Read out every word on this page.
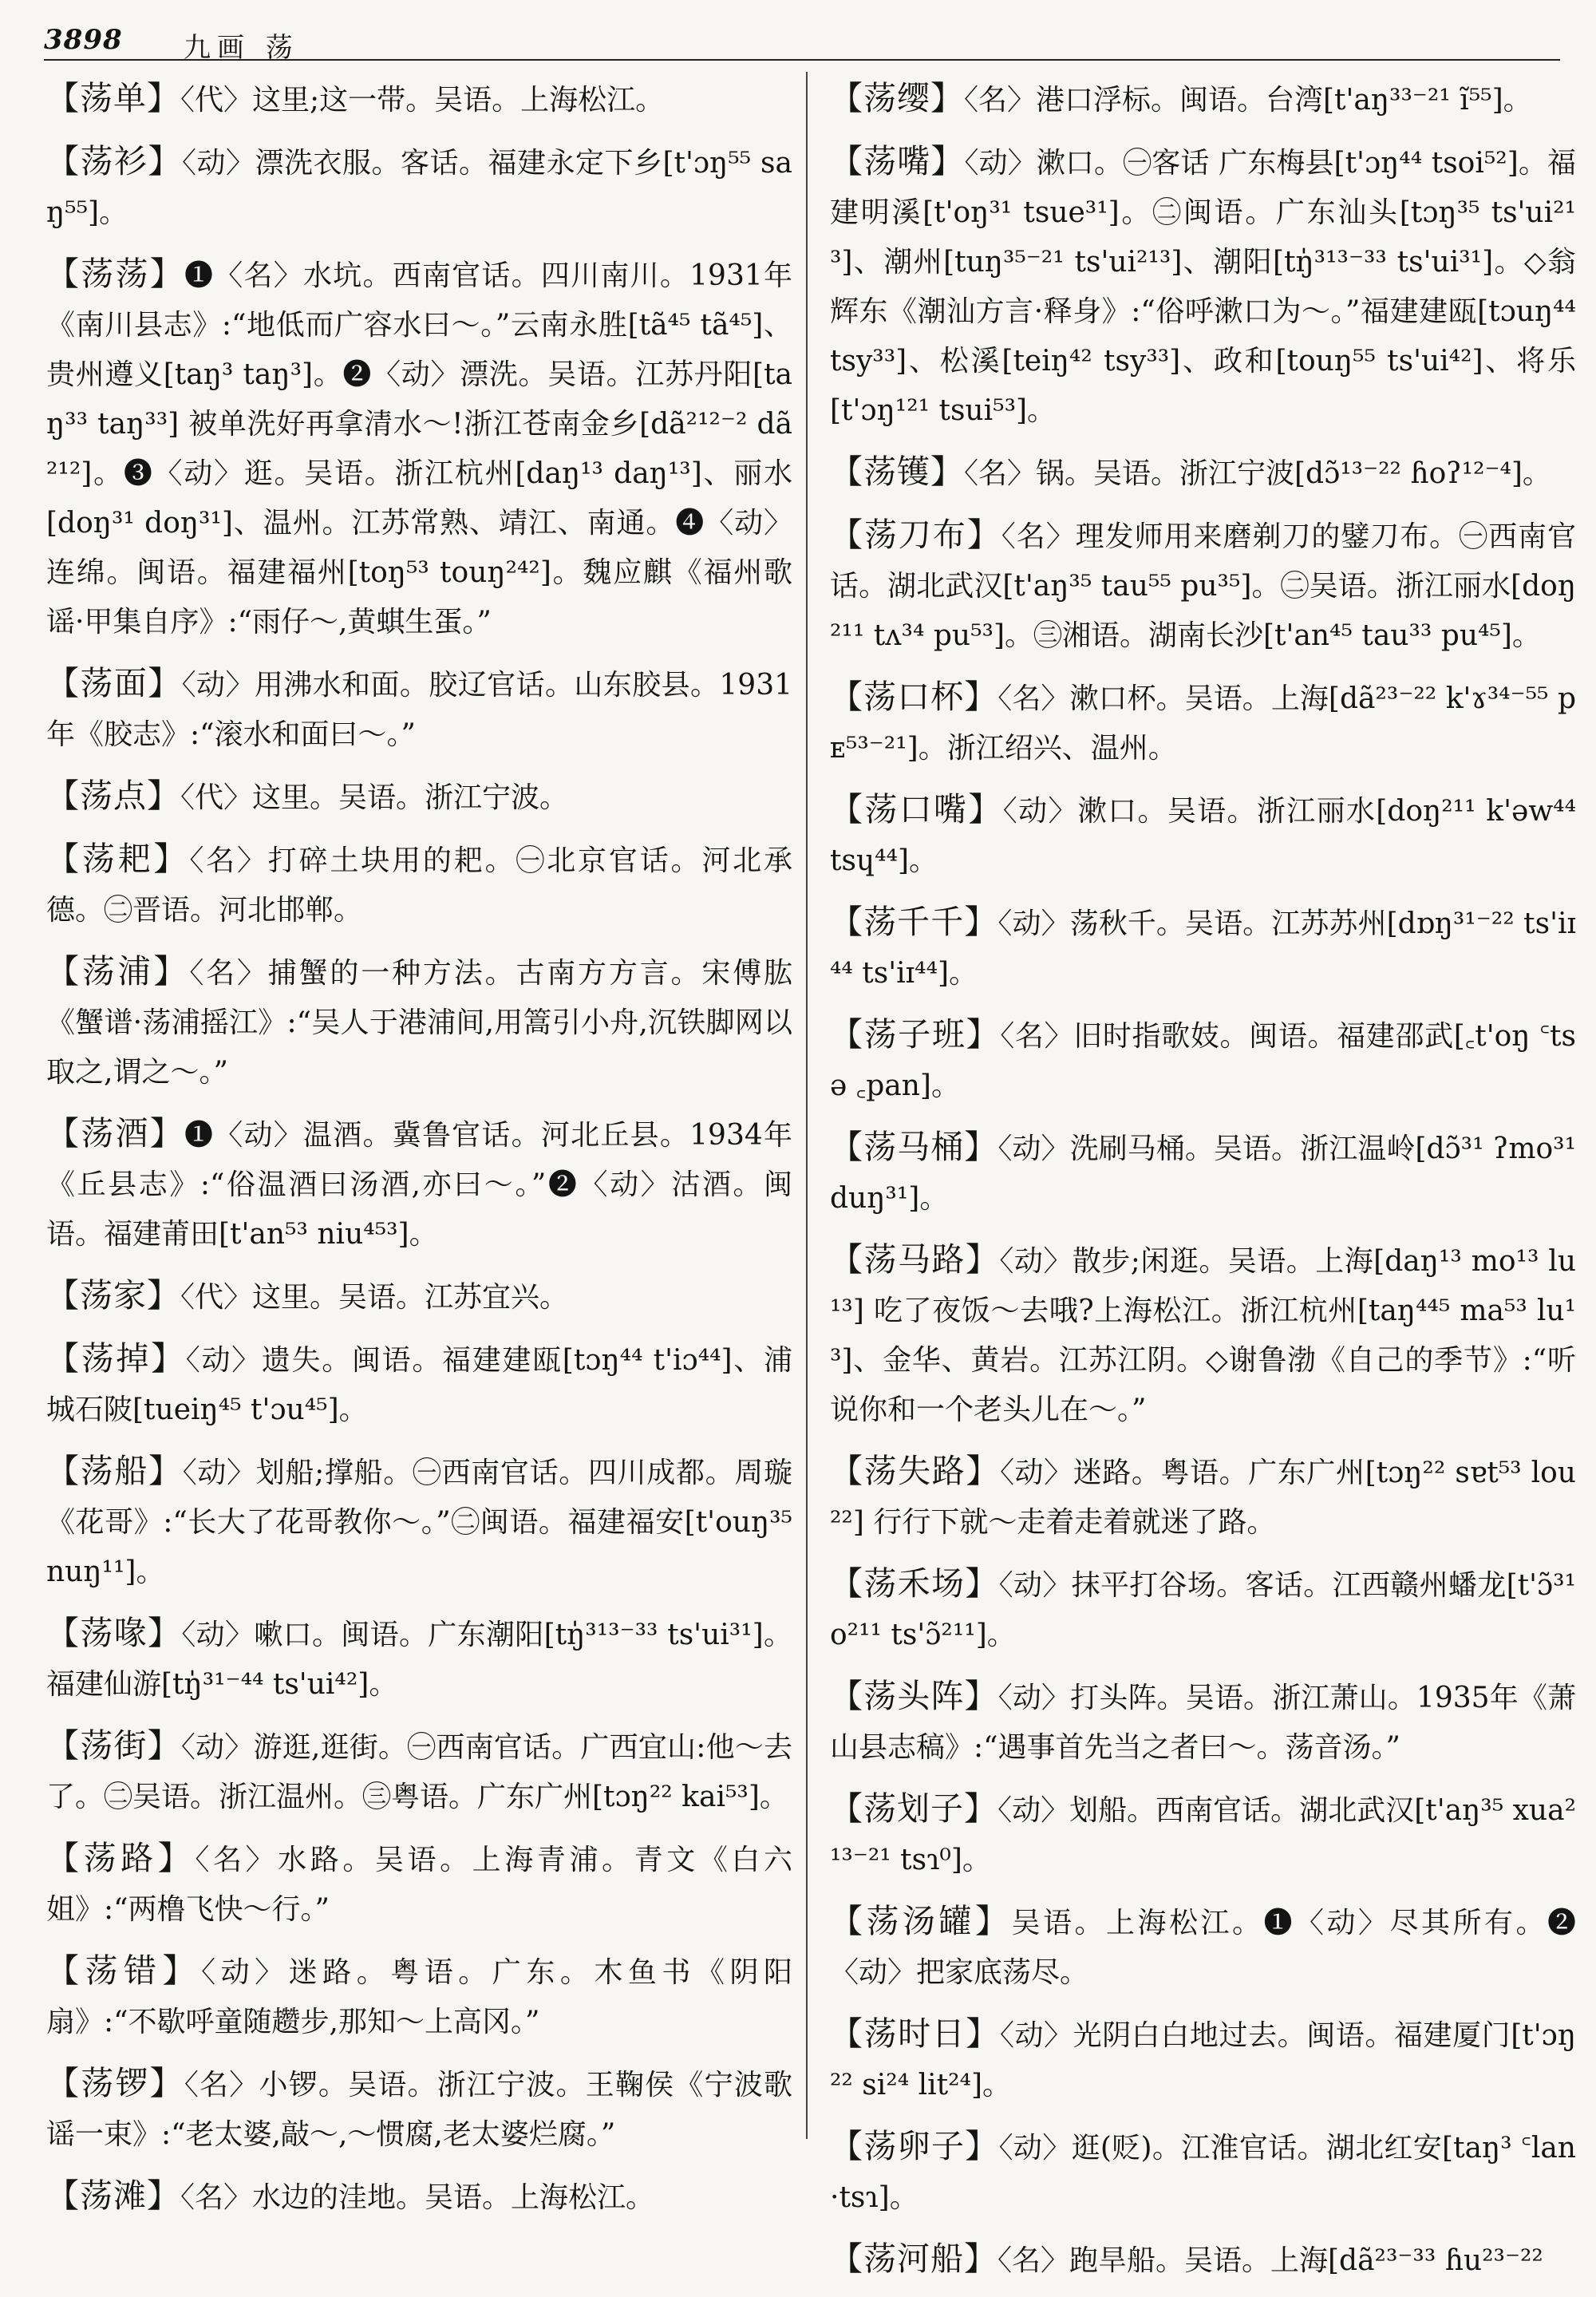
3898 九画 荡
【荡单】〈代〉这里;这一带。吴语。上海松江。
【荡衫】〈动〉漂洗衣服。客话。福建永定下乡[t'ɔŋ⁵⁵ saŋ⁵⁵]。
【荡荡】❶〈名〉水坑。西南官话。四川南川。1931年《南川县志》:“地低而广容水曰～。”云南永胜[tã⁴⁵ tã⁴⁵]、贵州遵义[taŋ³ taŋ³]。❷〈动〉漂洗。吴语。江苏丹阳[taŋ³³ taŋ³³] 被单洗好再拿清水～!浙江苍南金乡[dã²¹²⁻² dã²¹²]。❸〈动〉逛。吴语。浙江杭州[daŋ¹³ daŋ¹³]、丽水[doŋ³¹ doŋ³¹]、温州。江苏常熟、靖江、南通。❹〈动〉连绵。闽语。福建福州[toŋ⁵³ touŋ²⁴²]。魏应麒《福州歌谣·甲集自序》:“雨仔～,黄蜞生蛋。”
【荡面】〈动〉用沸水和面。胶辽官话。山东胶县。1931年《胶志》:“滚水和面曰～。”
【荡点】〈代〉这里。吴语。浙江宁波。
【荡耙】〈名〉打碎土块用的耙。㊀北京官话。河北承德。㊁晋语。河北邯郸。
【荡浦】〈名〉捕蟹的一种方法。古南方方言。宋傅肱《蟹谱·荡浦摇江》:“吴人于港浦间,用篙引小舟,沉铁脚网以取之,谓之～。”
【荡酒】❶〈动〉温酒。冀鲁官话。河北丘县。1934年《丘县志》:“俗温酒曰汤酒,亦曰～。”❷〈动〉沽酒。闽语。福建莆田[t'an⁵³ niu⁴⁵³]。
【荡家】〈代〉这里。吴语。江苏宜兴。
【荡掉】〈动〉遗失。闽语。福建建瓯[tɔŋ⁴⁴ t'iɔ⁴⁴]、浦城石陂[tueiŋ⁴⁵ t'ɔu⁴⁵]。
【荡船】〈动〉划船;撑船。㊀西南官话。四川成都。周璇《花哥》:“长大了花哥教你～。”㊁闽语。福建福安[t'ouŋ³⁵ nuŋ¹¹]。
【荡喙】〈动〉嗽口。闽语。广东潮阳[tŋ̍³¹³⁻³³ ts'ui³¹]。福建仙游[tŋ̍³¹⁻⁴⁴ ts'ui⁴²]。
【荡街】〈动〉游逛,逛街。㊀西南官话。广西宜山:他～去了。㊁吴语。浙江温州。㊂粤语。广东广州[tɔŋ²² kai⁵³]。
【荡路】〈名〉水路。吴语。上海青浦。青文《白六姐》:“两橹飞快～行。”
【荡错】〈动〉迷路。粤语。广东。木鱼书《阴阳扇》:“不歇呼童随趱步,那知～上高冈。”
【荡锣】〈名〉小锣。吴语。浙江宁波。王鞠侯《宁波歌谣一束》:“老太婆,敲～,～惯腐,老太婆烂腐。”
【荡滩】〈名〉水边的洼地。吴语。上海松江。
【荡缨】〈名〉港口浮标。闽语。台湾[t'aŋ³³⁻²¹ ĩ⁵⁵]。
【荡嘴】〈动〉漱口。㊀客话 广东梅县[t'ɔŋ⁴⁴ tsoi⁵²]。福建明溪[t'oŋ³¹ tsue³¹]。㊁闽语。广东汕头[tɔŋ³⁵ ts'ui²¹³]、潮州[tuŋ³⁵⁻²¹ ts'ui²¹³]、潮阳[tŋ̍³¹³⁻³³ ts'ui³¹]。◇翁辉东《潮汕方言·释身》:“俗呼漱口为～。”福建建瓯[tɔuŋ⁴⁴ tsy³³]、松溪[teiŋ⁴² tsy³³]、政和[touŋ⁵⁵ ts'ui⁴²]、将乐[t'ɔŋ¹²¹ tsui⁵³]。
【荡镬】〈名〉锅。吴语。浙江宁波[dɔ̃¹³⁻²² ɦoʔ¹²⁻⁴]。
【荡刀布】〈名〉理发师用来磨剃刀的鐾刀布。㊀西南官话。湖北武汉[t'aŋ³⁵ tau⁵⁵ pu³⁵]。㊁吴语。浙江丽水[doŋ²¹¹ tʌ³⁴ pu⁵³]。㊂湘语。湖南长沙[t'an⁴⁵ tau³³ pu⁴⁵]。
【荡口杯】〈名〉漱口杯。吴语。上海[dã²³⁻²² k'ɤ³⁴⁻⁵⁵ pᴇ⁵³⁻²¹]。浙江绍兴、温州。
【荡口嘴】〈动〉漱口。吴语。浙江丽水[doŋ²¹¹ k'əw⁴⁴ tsɥ⁴⁴]。
【荡千千】〈动〉荡秋千。吴语。江苏苏州[dɒŋ³¹⁻²² ts'iɪ⁴⁴ ts'iɪ⁴⁴]。
【荡子班】〈名〉旧时指歌妓。闽语。福建邵武[꜀t'oŋ ꜂tsə ꜀pan]。
【荡马桶】〈动〉洗刷马桶。吴语。浙江温岭[dɔ̃³¹ ʔmo³¹ duŋ³¹]。
【荡马路】〈动〉散步;闲逛。吴语。上海[daŋ¹³ mo¹³ lu¹³] 吃了夜饭～去哦?上海松江。浙江杭州[taŋ⁴⁴⁵ ma⁵³ lu¹³]、金华、黄岩。江苏江阴。◇谢鲁渤《自己的季节》:“听说你和一个老头儿在～。”
【荡失路】〈动〉迷路。粤语。广东广州[tɔŋ²² sɐt⁵³ lou²²] 行行下就～走着走着就迷了路。
【荡禾场】〈动〉抹平打谷场。客话。江西赣州蟠龙[t'ɔ̃³¹ o²¹¹ ts'ɔ̃²¹¹]。
【荡头阵】〈动〉打头阵。吴语。浙江萧山。1935年《萧山县志稿》:“遇事首先当之者曰～。荡音汤。”
【荡划子】〈动〉划船。西南官话。湖北武汉[t'aŋ³⁵ xua²¹³⁻²¹ tsɿ⁰]。
【荡汤罐】吴语。上海松江。❶〈动〉尽其所有。❷〈动〉把家底荡尽。
【荡时日】〈动〉光阴白白地过去。闽语。福建厦门[t'ɔŋ²² si²⁴ lit²⁴]。
【荡卵子】〈动〉逛(贬)。江淮官话。湖北红安[taŋ³ ꜂lan ·tsɿ]。
【荡河船】〈名〉跑旱船。吴语。上海[dã²³⁻³³ ɦu²³⁻²²
